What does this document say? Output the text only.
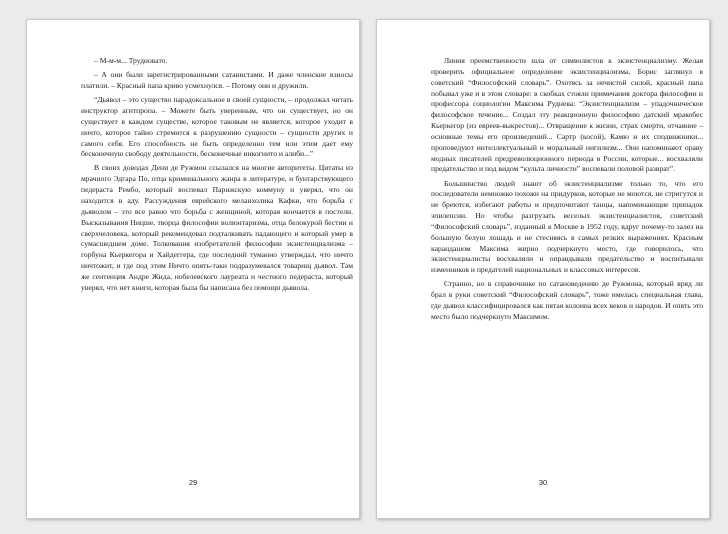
– М-м-м... Трудновато.

– А они были зарегистрированными сатанистами. И даже членские взносы платили. – Красный папа криво усмехнулся. – Потому они и дружили.

“Дьявол – это существо парадоксальное в своей сущности, – продолжал читать инструктор агитпропа. – Можете быть уверенным, что он существует, но он существует в каждом существе, которое таковым не является, которое уходит в ничто, которое тайно стремится к разрушению сущности – сущности других и самого себя. Его способность не быть определенно тем или этим дает ему бесконечную свободу деятельности, бесконечные инкогнито и алиби...”

В своих доводах Дени де Ружмон ссылался на многие авторитеты. Цитаты из мрачного Эдгара По, отца криминального жанра в литературе, и бунтарствующего педераста Рембо, который воспевал Парижскую коммуну и уверял, что он находится в аду. Рассуждения еврейского меланхолика Кафки, что борьба с дьяволом – это все равно что борьба с женщиной, которая кончается в постели. Высказывания Ницше, творца философии волюнтаризма, отца белокурой бестии и сверхчеловека, который рекомендовал подталкивать падающего и который умер в сумасшедшем доме. Толкования изобретателей философии экзистенциализма – горбуна Кьеркегора и Хайдеггера, где последний туманно утверждал, что ничто ничтожит, и где под этим Ничто опять-таки подразумевался товарищ дьявол. Там же сентенция Андре Жида, нобелевского лауреата и честного педераста, который уверял, что нет книги, которая была бы написана без помощи дьявола.

29

Линия преемственности шла от символистов к экзистенциализму. Желая проверить официальное определение экзистенциализма, Борис заглянул в советский “Философский словарь”. Охотясь за нечистой силой, красный папа побывал уже и в этом словаре: в скобках стояли примечания доктора философии и профессора социологии Максима Руднева: “Экзистенциализм – упадочническое философское течение... Создал эту реакционную философию датский мракобес Кьеркегор (из евреев-выкрестов)... Отвращение к жизни, страх смерти, отчаяние – основные темы его произведений... Сартр (косой), Камю и их сподвижники... проповедуют интеллектуальный и моральный нигилизм... Они напоминают ораву модных писателей предреволюционного периода в России, которые... восхваляли предательство и под видом “культа личности” воспевали половой разврат”.

Большинство людей знают об экзистенциализме только то, что его последователи немножко похожи на придурков, которые не моются, не стригутся и не бреются, избегают работы и предпочитают танцы, напоминающие припадок эпилепсии. Но чтобы разгрузать веселых экзистенциалистов, советский “Философский словарь”, изданный в Москве в 1952 году, вдруг почему-то залез на большую белую лошадь и не стесняясь в самых резких выражениях. Красным карандашом Максима жирно подчеркнуто место, где говорилось, что экзистенциалисты восхваляли и оправдывали предательство и воспитывали изменников и предателей национальных и классовых интересов.

Странно, но в справочнике по сатановедению де Ружмона, который вряд ли брал в руки советский “Философский словарь”, тоже имелась специальная глава, где дьявол классифицировался как пятая колонна всех веков и народов. И опять это место было подчеркнуто Максимом.

30
